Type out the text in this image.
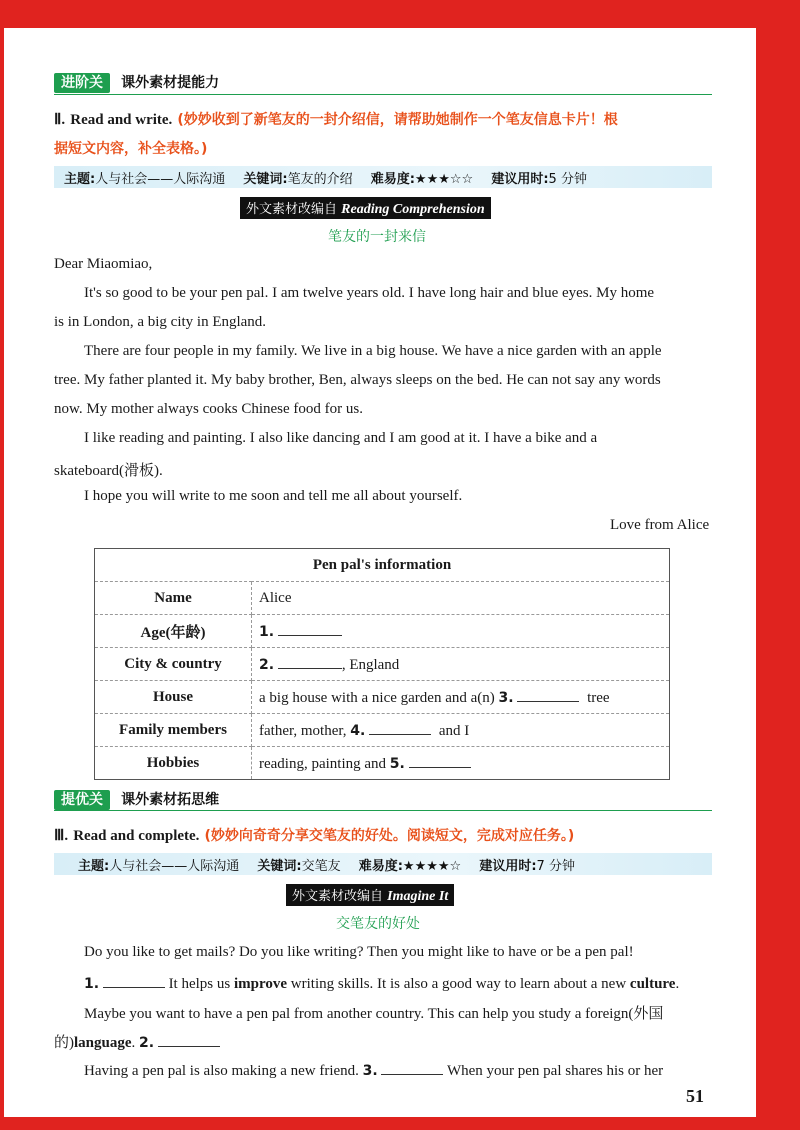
进阶关 课外素材提能力
Ⅱ. Read and write. (妙妙收到了新笔友的一封介绍信，请帮助她制作一个笔友信息卡片！根
据短文内容，补全表格。)
主题:人与社会——人际沟通 关键词:笔友的介绍 难易度:★★★☆☆ 建议用时:5 分钟
外文素材改编自 Reading Comprehension
笔友的一封来信
Dear Miaomiao,
It's so good to be your pen pal. I am twelve years old. I have long hair and blue eyes. My home
is in London, a big city in England.
There are four people in my family. We live in a big house. We have a nice garden with an apple
tree. My father planted it. My baby brother, Ben, always sleeps on the bed. He can not say any words
now. My mother always cooks Chinese food for us.
I like reading and painting. I also like dancing and I am good at it. I have a bike and a
skateboard(滑板).
I hope you will write to me soon and tell me all about yourself.
Love from Alice
Pen pal's information	
Name	Alice
Age(年龄)	1.
City & country	2. , England
House	a big house with a nice garden and a(n) 3. tree
Family members	father, mother, 4. and I
Hobbies	reading, painting and 5.
提优关 课外素材拓思维
Ⅲ. Read and complete. (妙妙向奇奇分享交笔友的好处。阅读短文，完成对应任务。)
主题:人与社会——人际沟通 关键词:交笔友 难易度:★★★★☆ 建议用时:7 分钟
外文素材改编自 Imagine It
交笔友的好处
Do you like to get mails? Do you like writing? Then you might like to have or be a pen pal!
1.	It helps us improve writing skills. It is also a good way to learn about a new culture.
Maybe you want to have a pen pal from another country. This can help you study a foreign(外国
的)language. 2.
Having a pen pal is also making a new friend. 3.	When your pen pal shares his or her
51
